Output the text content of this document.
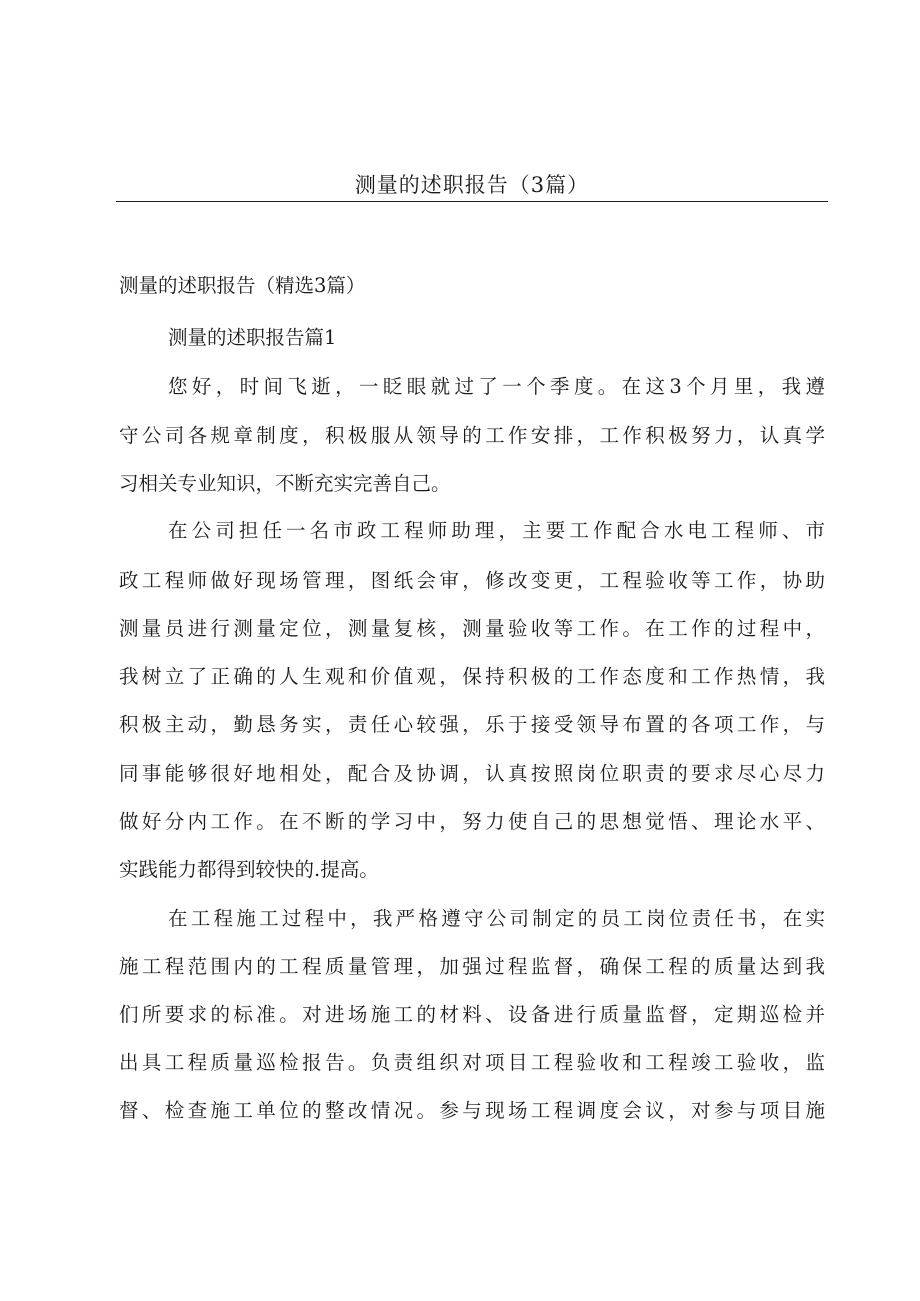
测量的述职报告（3篇）
测量的述职报告（精选3篇）
测量的述职报告篇1
您好，时间飞逝，一眨眼就过了一个季度。在这3个月里，我遵
守公司各规章制度，积极服从领导的工作安排，工作积极努力，认真学
习相关专业知识，不断充实完善自己。
在公司担任一名市政工程师助理，主要工作配合水电工程师、市
政工程师做好现场管理，图纸会审，修改变更，工程验收等工作，协助
测量员进行测量定位，测量复核，测量验收等工作。在工作的过程中，
我树立了正确的人生观和价值观，保持积极的工作态度和工作热情，我
积极主动，勤恳务实，责任心较强，乐于接受领导布置的各项工作，与
同事能够很好地相处，配合及协调，认真按照岗位职责的要求尽心尽力
做好分内工作。在不断的学习中，努力使自己的思想觉悟、理论水平、
实践能力都得到较快的.提高。
在工程施工过程中，我严格遵守公司制定的员工岗位责任书，在实
施工程范围内的工程质量管理，加强过程监督，确保工程的质量达到我
们所要求的标准。对进场施工的材料、设备进行质量监督，定期巡检并
出具工程质量巡检报告。负责组织对项目工程验收和工程竣工验收，监
督、检查施工单位的整改情况。参与现场工程调度会议，对参与项目施
